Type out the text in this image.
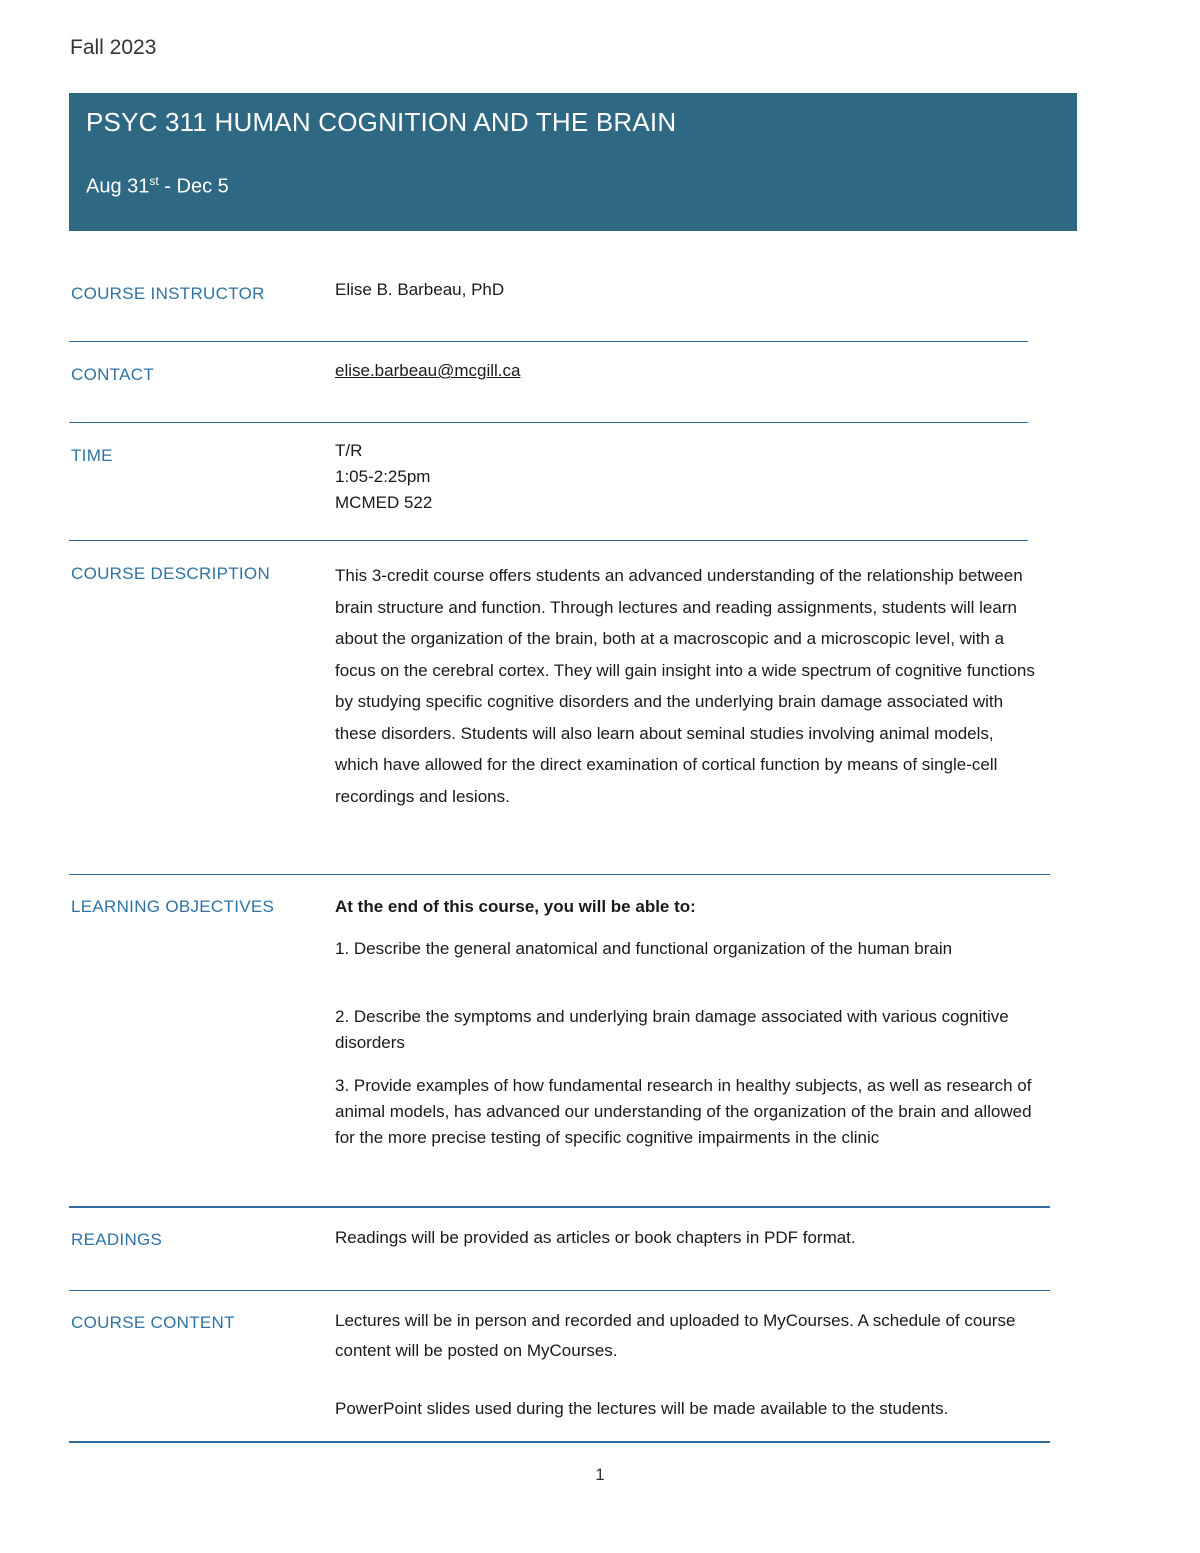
Fall 2023
PSYC 311 HUMAN COGNITION AND THE BRAIN
Aug 31st - Dec 5
COURSE INSTRUCTOR	Elise B. Barbeau, PhD
CONTACT	elise.barbeau@mcgill.ca
TIME	T/R
1:05-2:25pm
MCMED 522
COURSE DESCRIPTION	This 3-credit course offers students an advanced understanding of the relationship between brain structure and function. Through lectures and reading assignments, students will learn about the organization of the brain, both at a macroscopic and a microscopic level, with a focus on the cerebral cortex. They will gain insight into a wide spectrum of cognitive functions by studying specific cognitive disorders and the underlying brain damage associated with these disorders. Students will also learn about seminal studies involving animal models, which have allowed for the direct examination of cortical function by means of single-cell recordings and lesions.
LEARNING OBJECTIVES	At the end of this course, you will be able to:
1. Describe the general anatomical and functional organization of the human brain
2. Describe the symptoms and underlying brain damage associated with various cognitive disorders
3. Provide examples of how fundamental research in healthy subjects, as well as research of animal models, has advanced our understanding of the organization of the brain and allowed for the more precise testing of specific cognitive impairments in the clinic
READINGS	Readings will be provided as articles or book chapters in PDF format.
COURSE CONTENT	Lectures will be in person and recorded and uploaded to MyCourses. A schedule of course content will be posted on MyCourses.
PowerPoint slides used during the lectures will be made available to the students.
1
